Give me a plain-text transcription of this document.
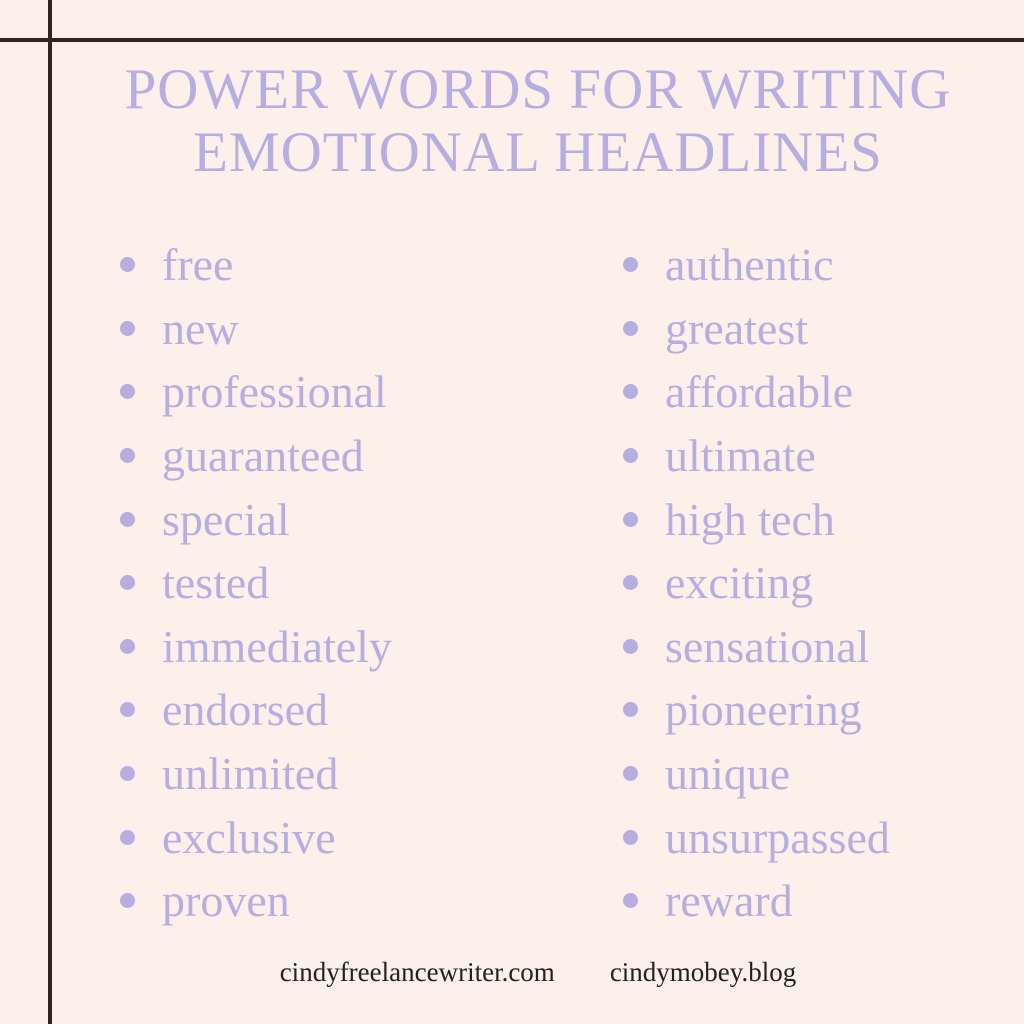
POWER WORDS FOR WRITING
EMOTIONAL HEADLINES
free
new
professional
guaranteed
special
tested
immediately
endorsed
unlimited
exclusive
proven
authentic
greatest
affordable
ultimate
high tech
exciting
sensational
pioneering
unique
unsurpassed
reward
cindyfreelancewriter.com cindymobey.blog
